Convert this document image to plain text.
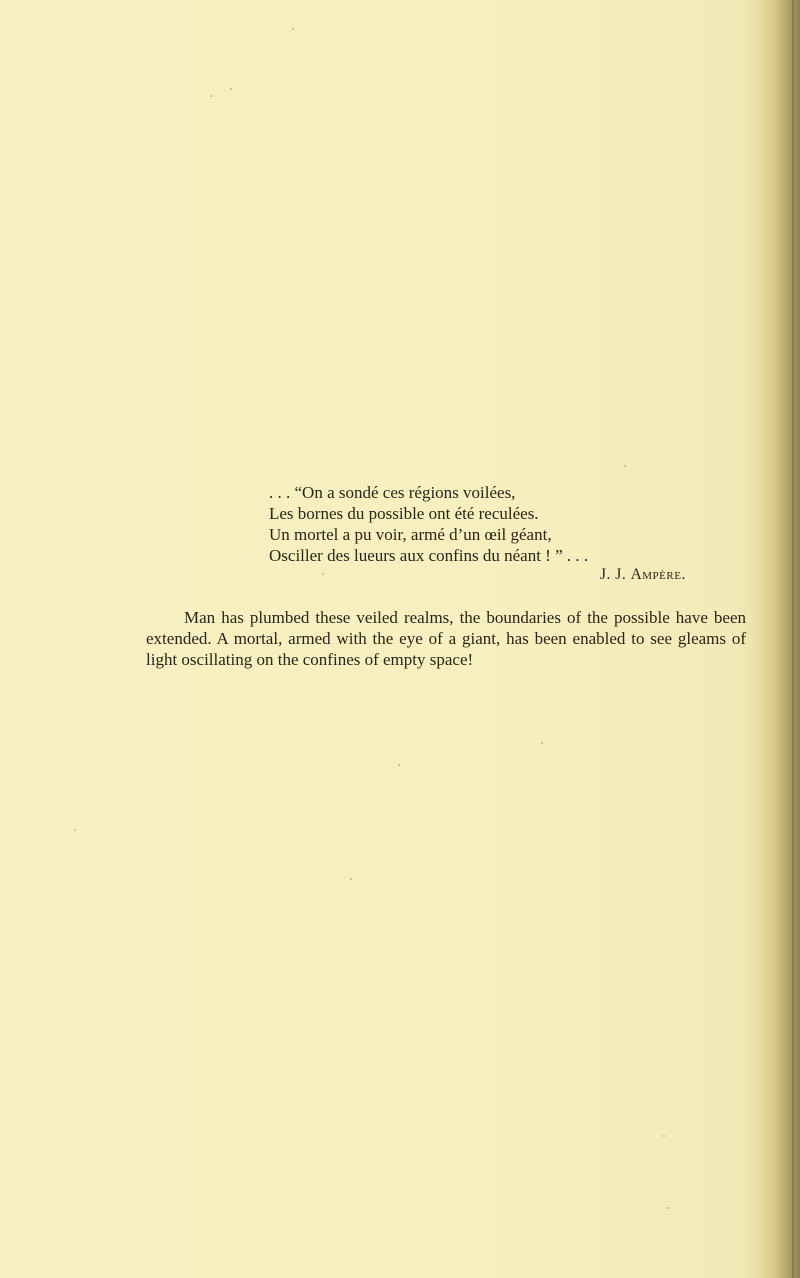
. . . “On a sondé ces régions voilées,
Les bornes du possible ont été reculées.
Un mortel a pu voir, armé d’un œil géant,
Osciller des lueurs aux confins du néant ! ” . . .
J. J. Ampère.

Man has plumbed these veiled realms, the boundaries of the possible have been extended. A mortal, armed with the eye of a giant, has been enabled to see gleams of light oscillating on the confines of empty space!
